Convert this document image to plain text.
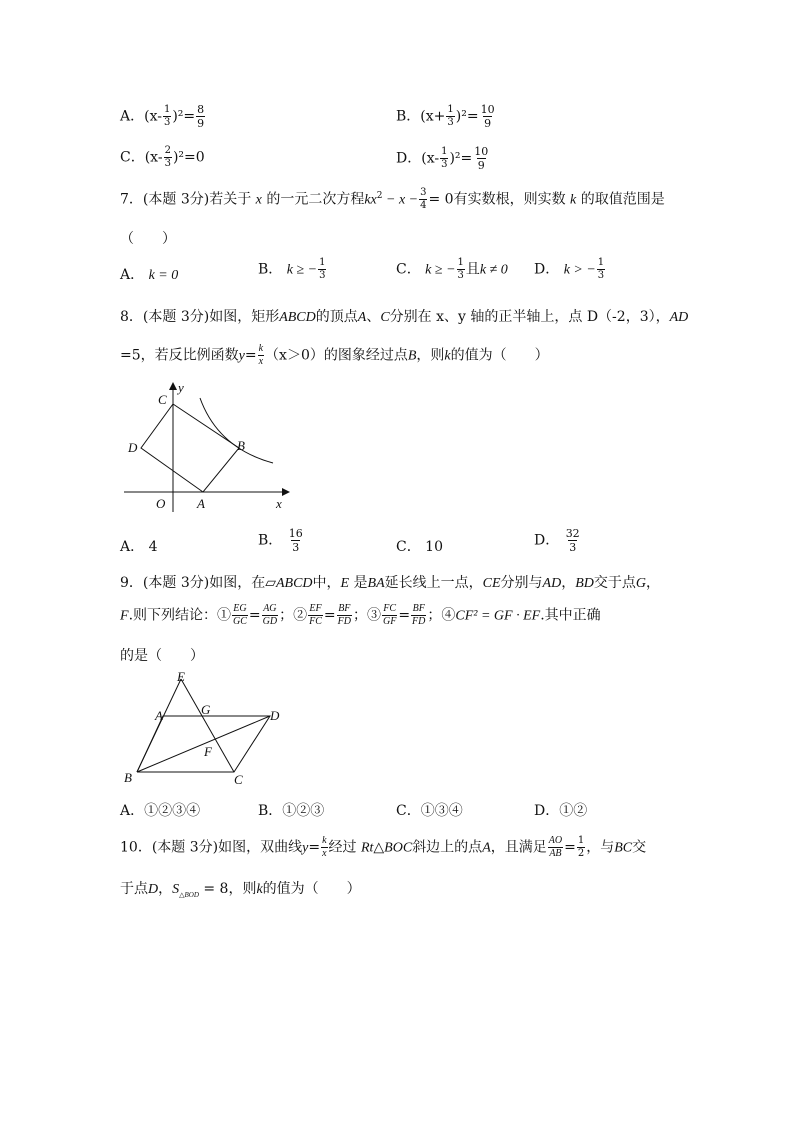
A．$(x- \frac{1}{3} )^2= \frac{8}{9}$	B．$(x+ \frac{1}{3} )^2= \frac{10}{9}$
C．$(x- \frac{2}{3} )^2=0$	D．$(x- \frac{1}{3} )^2= \frac{10}{9}$
7．(本题 3分)若关于 x 的一元二次方程$kx^2 - x - \frac{3}{4} = 0$有实数根，则实数 k 的取值范围是
（　　）
A． k = 0	B． k ≥ − $\frac{1}{3}$	C． k ≥ − $\frac{1}{3}$ 且k ≠ 0 D． k > − $\frac{1}{3}$
8．(本题 3分)如图，矩形ABCD的顶点A、C分别在 x、y 轴的正半轴上，点 D（-2，3），AD
=5，若反比例函数$y= \frac{k}{x} (x>0)$的图象经过点B，则k的值为（　　）
C
y
D	B
O A	x
A． 4	B． $\frac{16}{3}$	C． 10	D． $\frac{32}{3}$
9．(本题 3分)如图，在▱ABCD中，E 是BA延长线上一点，CE分别与AD，BD交于点G，
F.则下列结论：① $\frac{EG}{GC} = \frac{AG}{GD}$ ；② $\frac{EF}{FC} = \frac{BF}{FD}$ ；③ $\frac{FC}{GF} = \frac{BF}{FD}$ ；④CF² = GF · EF.其中正确
的是（　　）
E
A	G	D
F
B	C
A．①②③④	B．①②③	C．①③④	D．①②
10．(本题 3分)如图，双曲线$y= \frac{k}{x}$ 经过 Rt△BOC斜边上的点A，且满足 $\frac{AO}{AB} = \frac{1}{2}$ ，与BC交
于点D，$S_{\triangle BOD} = 8$，则k的值为（　　）
